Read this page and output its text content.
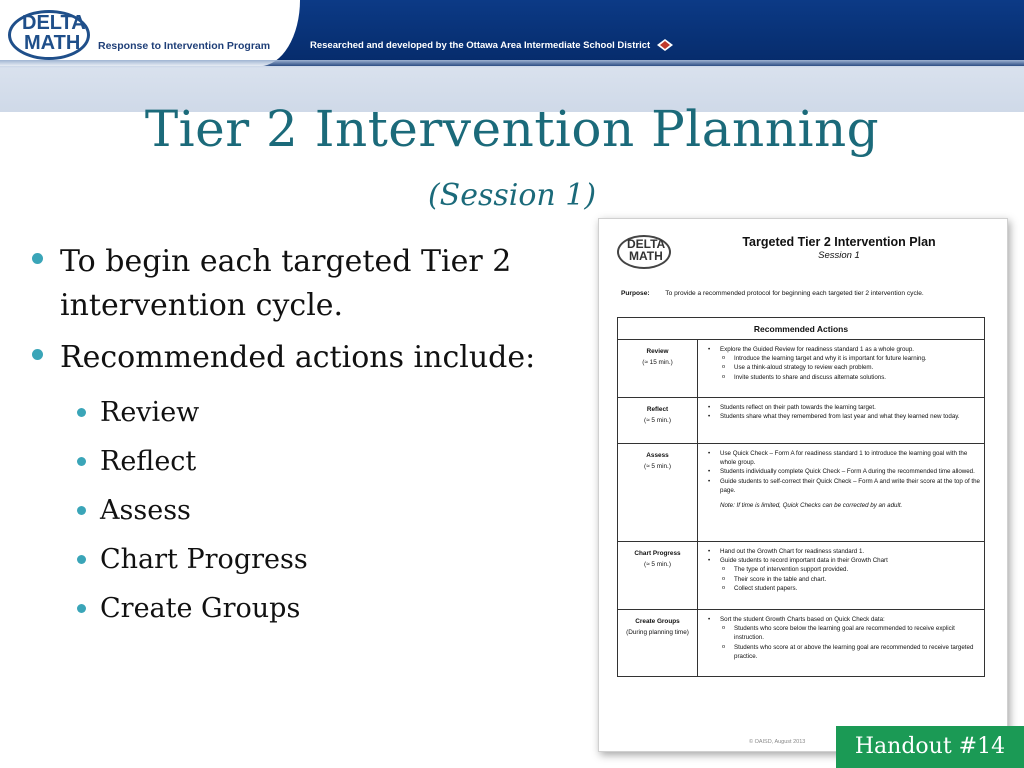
DELTA
MATH Response to Intervention Program	Researched and developed by the Ottawa Area Intermediate School District
Tier 2 Intervention Planning
(Session 1)
To begin each targeted Tier 2 intervention cycle.
Recommended actions include:
Review
Reflect
Assess
Chart Progress
Create Groups
DELTA
MATH
Targeted Tier 2 Intervention Plan
Session 1
Purpose: To provide a recommended protocol for beginning each targeted tier 2 intervention cycle.
Recommended Actions
Review
(≈ 15 min.)
• Explore the Guided Review for readiness standard 1 as a whole group.
o Introduce the learning target and why it is important for future learning.
o Use a think-aloud strategy to review each problem.
o Invite students to share and discuss alternate solutions.
Reflect
(≈ 5 min.)
• Students reflect on their path towards the learning target.
• Students share what they remembered from last year and what they learned new today.
Assess
(≈ 5 min.)
• Use Quick Check – Form A for readiness standard 1 to introduce the learning goal with the whole group.
• Students individually complete Quick Check – Form A during the recommended time allowed.
• Guide students to self-correct their Quick Check – Form A and write their score at the top of the page.
Note: If time is limited, Quick Checks can be corrected by an adult.
Chart Progress
(≈ 5 min.)
• Hand out the Growth Chart for readiness standard 1.
• Guide students to record important data in their Growth Chart
o The type of intervention support provided.
o Their score in the table and chart.
o Collect student papers.
Create Groups
(During planning time)
• Sort the student Growth Charts based on Quick Check data:
o Students who score below the learning goal are recommended to receive explicit instruction.
o Students who score at or above the learning goal are recommended to receive targeted practice.
© OAISD, August 2013	Handout #14
